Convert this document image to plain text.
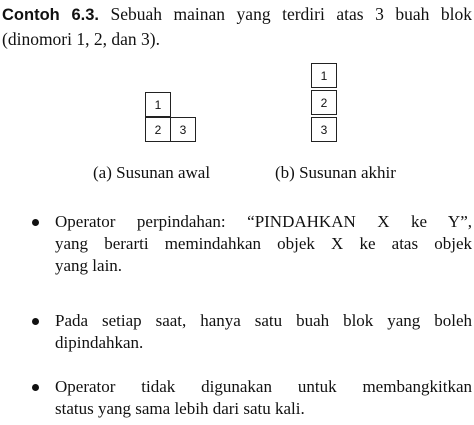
Contoh 6.3. Sebuah mainan yang terdiri atas 3 buah blok
(dinomori 1, 2, dan 3).
1
2	3
1
2
3
(a) Susunan awal	(b) Susunan akhir
Operator perpindahan: “PINDAHKAN X ke Y”,
yang berarti memindahkan objek X ke atas objek
yang lain.
Pada setiap saat, hanya satu buah blok yang boleh
dipindahkan.
Operator tidak digunakan untuk membangkitkan
status yang sama lebih dari satu kali.
